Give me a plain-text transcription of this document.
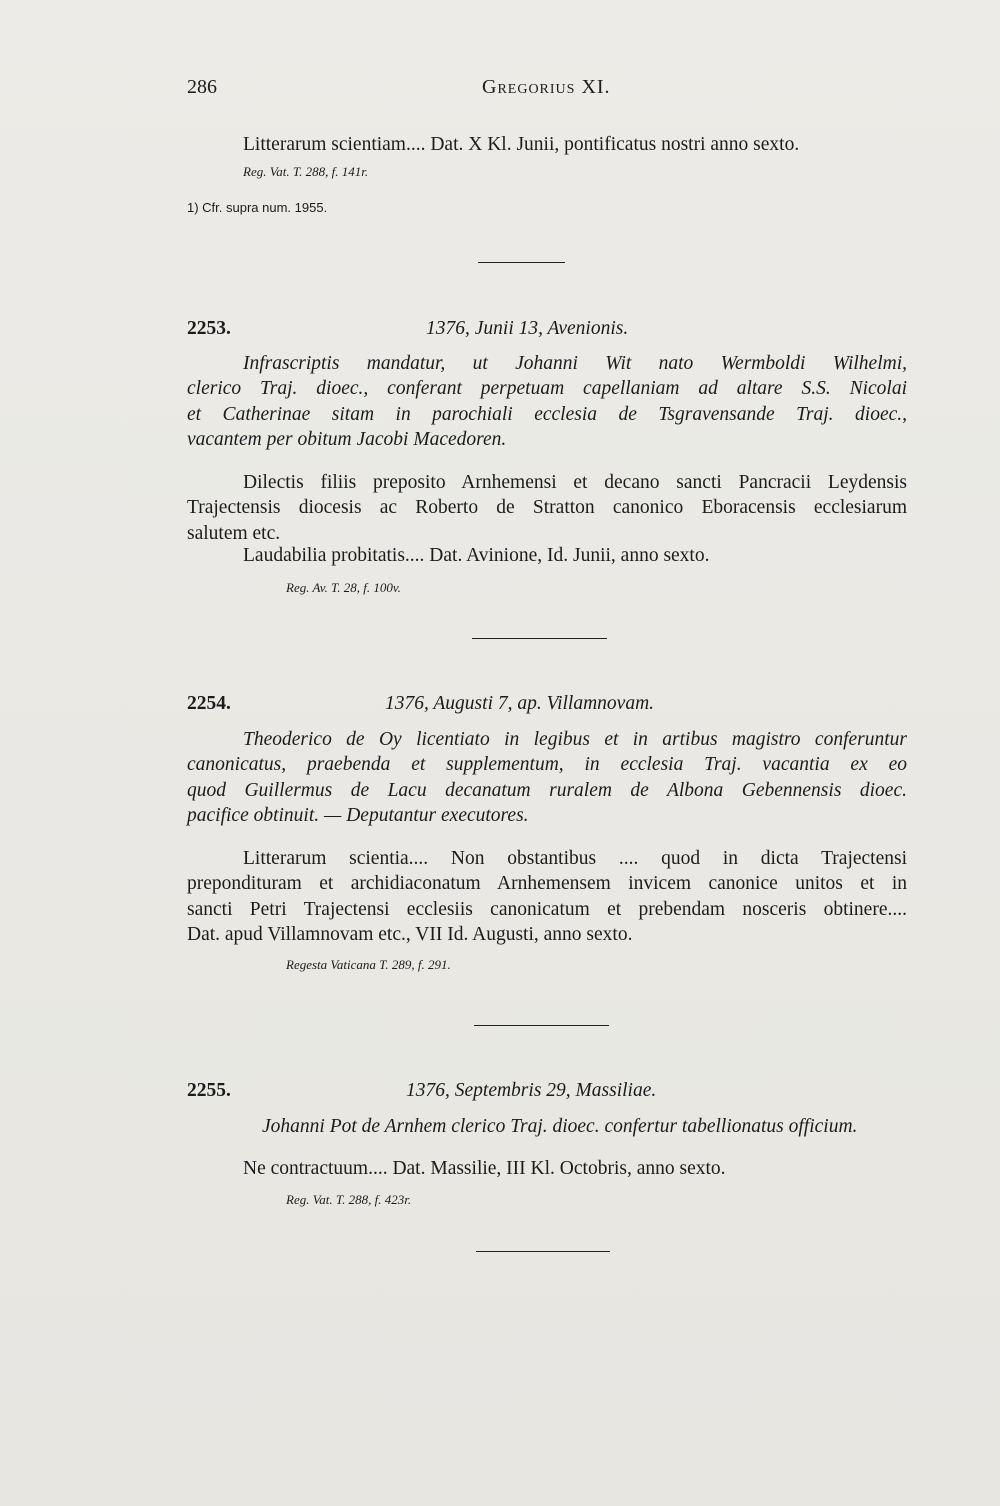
286	Gregorius XI.
Litterarum scientiam.... Dat. X Kl. Junii, pontificatus nostri anno sexto.
Reg. Vat. T. 288, f. 141r.
1) Cfr. supra num. 1955.
2253.	1376, Junii 13, Avenionis.
Infrascriptis mandatur, ut Johanni Wit nato Wermboldi Wilhelmi,
clerico Traj. dioec., conferant perpetuam capellaniam ad altare S.S. Nicolai
et Catherinae sitam in parochiali ecclesia de Tsgravensande Traj. dioec.,
vacantem per obitum Jacobi Macedoren.
Dilectis filiis preposito Arnhemensi et decano sancti Pancracii Leydensis
Trajectensis diocesis ac Roberto de Stratton canonico Eboracensis ecclesiarum
salutem etc.
Laudabilia probitatis.... Dat. Avinione, Id. Junii, anno sexto.
Reg. Av. T. 28, f. 100v.
2254.	1376, Augusti 7, ap. Villamnovam.
Theoderico de Oy licentiato in legibus et in artibus magistro conferuntur
canonicatus, praebenda et supplementum, in ecclesia Traj. vacantia ex eo
quod Guillermus de Lacu decanatum ruralem de Albona Gebennensis dioec.
pacifice obtinuit. — Deputantur executores.
Litterarum scientia.... Non obstantibus .... quod in dicta Trajectensi
prepondituram et archidiaconatum Arnhemensem invicem canonice unitos et in
sancti Petri Trajectensi ecclesiis canonicatum et prebendam nosceris obtinere....
Dat. apud Villamnovam etc., VII Id. Augusti, anno sexto.
Regesta Vaticana T. 289, f. 291.
2255.	1376, Septembris 29, Massiliae.
Johanni Pot de Arnhem clerico Traj. dioec. confertur tabellionatus officium.
Ne contractuum.... Dat. Massilie, III Kl. Octobris, anno sexto.
Reg. Vat. T. 288, f. 423r.
